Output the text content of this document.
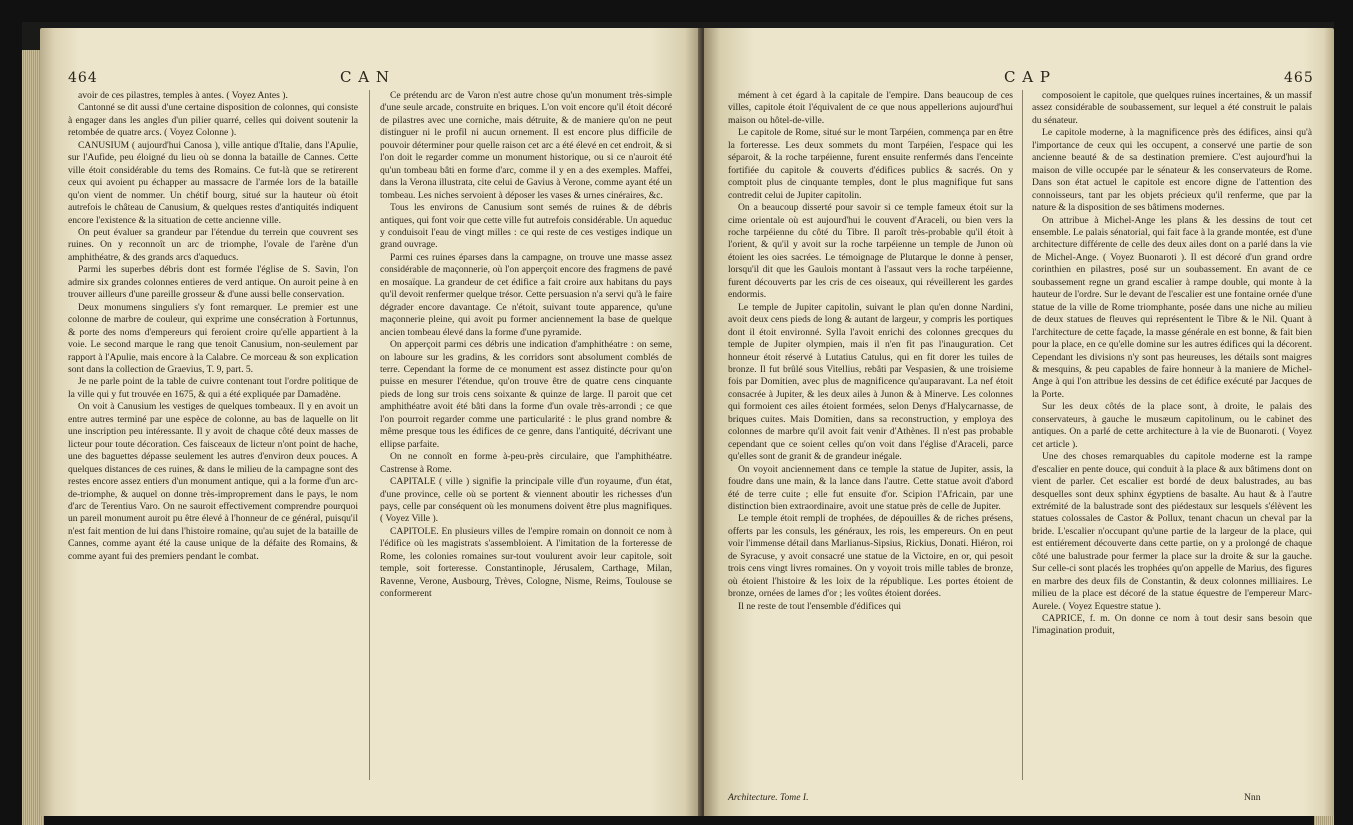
464	C A N

avoir de ces pilastres, temples à antes. ( Voyez Antes ).

Cantonné se dit aussi d'une certaine disposition de colonnes, qui consiste à engager dans les angles d'un pilier quarré, celles qui doivent soutenir la retombée de quatre arcs. ( Voyez Colonne ).

CANUSIUM ( aujourd'hui Canosa ), ville antique d'Italie, dans l'Apulie, sur l'Aufide, peu éloigné du lieu où se donna la bataille de Cannes. Cette ville étoit considérable du tems des Romains. Ce fut-là que se retirerent ceux qui avoient pu échapper au massacre de l'armée lors de la bataille qu'on vient de nommer. Un chétif bourg, situé sur la hauteur où étoit autrefois le château de Canusium, & quelques restes d'antiquités indiquent encore l'existence & la situation de cette ancienne ville.

On peut évaluer sa grandeur par l'étendue du terrein que couvrent ses ruines. On y reconnoît un arc de triomphe, l'ovale de l'arène d'un amphithéatre, & des grands arcs d'aqueducs.

Parmi les superbes débris dont est formée l'église de S. Savin, l'on admire six grandes colonnes entieres de verd antique. On auroit peine à en trouver ailleurs d'une pareille grosseur & d'une aussi belle conservation.

Deux monumens singuliers s'y font remarquer. Le premier est une colonne de marbre de couleur, qui exprime une consécration à Fortunnus, & porte des noms d'empereurs qui feroient croire qu'elle appartient à la voie. Le second marque le rang que tenoit Canusium, non-seulement par rapport à l'Apulie, mais encore à la Calabre. Ce morceau & son explication sont dans la collection de Graevius, T. 9, part. 5.

Je ne parle point de la table de cuivre contenant tout l'ordre politique de la ville qui y fut trouvée en 1675, & qui a été expliquée par Damadène.

On voit à Canusium les vestiges de quelques tombeaux. Il y en avoit un entre autres terminé par une espèce de colonne, au bas de laquelle on lit une inscription peu intéressante. Il y avoit de chaque côté deux masses de licteur pour toute décoration. Ces faisceaux de licteur n'ont point de hache, une des baguettes dépasse seulement les autres d'environ deux pouces. A quelques distances de ces ruines, & dans le milieu de la campagne sont des restes encore assez entiers d'un monument antique, qui a la forme d'un arc-de-triomphe, & auquel on donne très-improprement dans le pays, le nom d'arc de Terentius Varo. On ne sauroit effectivement comprendre pourquoi un pareil monument auroit pu être élevé à l'honneur de ce général, puisqu'il n'est fait mention de lui dans l'histoire romaine, qu'au sujet de la bataille de Cannes, comme ayant été la cause unique de la défaite des Romains, & comme ayant fui des premiers pendant le combat.

Ce prétendu arc de Varon n'est autre chose qu'un monument très-simple d'une seule arcade, construite en briques. L'on voit encore qu'il étoit décoré de pilastres avec une corniche, mais détruite, & de maniere qu'on ne peut distinguer ni le profil ni aucun ornement. Il est encore plus difficile de pouvoir déterminer pour quelle raison cet arc a été élevé en cet endroit, & si l'on doit le regarder comme un monument historique, ou si ce n'auroit été qu'un tombeau bâti en forme d'arc, comme il y en a des exemples. Maffei, dans la Verona illustrata, cite celui de Gavius à Verone, comme ayant été un tombeau. Les niches servoient à déposer les vases & urnes cinéraires, &c.

Tous les environs de Canusium sont semés de ruines & de débris antiques, qui font voir que cette ville fut autrefois considérable. Un aqueduc y conduisoit l'eau de vingt milles : ce qui reste de ces vestiges indique un grand ouvrage.

Parmi ces ruines éparses dans la campagne, on trouve une masse assez considérable de maçonnerie, où l'on apperçoit encore des fragmens de pavé en mosaïque. La grandeur de cet édifice a fait croire aux habitans du pays qu'il devoit renfermer quelque trésor. Cette persuasion n'a servi qu'à le faire dégrader encore davantage. Ce n'étoit, suivant toute apparence, qu'une maçonnerie pleine, qui avoit pu former anciennement la base de quelque ancien tombeau élevé dans la forme d'une pyramide.

On apperçoit parmi ces débris une indication d'amphithéatre : on seme, on laboure sur les gradins, & les corridors sont absolument comblés de terre. Cependant la forme de ce monument est assez distincte pour qu'on puisse en mesurer l'étendue, qu'on trouve être de quatre cens cinquante pieds de long sur trois cens soixante & quinze de large. Il paroit que cet amphithéatre avoit été bâti dans la forme d'un ovale très-arrondi ; ce que l'on pourroit regarder comme une particularité : le plus grand nombre & même presque tous les édifices de ce genre, dans l'antiquité, décrivant une ellipse parfaite.

On ne connoît en forme à-peu-près circulaire, que l'amphithéatre. Castrense à Rome.

CAPITALE ( ville ) signifie la principale ville d'un royaume, d'un état, d'une province, celle où se portent & viennent aboutir les richesses d'un pays, celle par conséquent où les monumens doivent être plus magnifiques. ( Voyez Ville ).

CAPITOLE. En plusieurs villes de l'empire romain on donnoit ce nom à l'édifice où les magistrats s'assembloient. A l'imitation de la forteresse de Rome, les colonies romaines sur-tout voulurent avoir leur capitole, soit temple, soit forteresse. Constantinople, Jérusalem, Carthage, Milan, Ravenne, Verone, Ausbourg, Trèves, Cologne, Nisme, Reims, Toulouse se conformerent

C A P	465

mément à cet égard à la capitale de l'empire. Dans beaucoup de ces villes, capitole étoit l'équivalent de ce que nous appellerions aujourd'hui maison ou hôtel-de-ville.

Le capitole de Rome, situé sur le mont Tarpéien, commença par en être la forteresse. Les deux sommets du mont Tarpéien, l'espace qui les séparoit, & la roche tarpéienne, furent ensuite renfermés dans l'enceinte fortifiée du capitole & couverts d'édifices publics & sacrés. On y comptoit plus de cinquante temples, dont le plus magnifique fut sans contredit celui de Jupiter capitolin.

On a beaucoup disserté pour savoir si ce temple fameux étoit sur la cime orientale où est aujourd'hui le couvent d'Araceli, ou bien vers la roche tarpéienne du côté du Tibre. Il paroît très-probable qu'il étoit à l'orient, & qu'il y avoit sur la roche tarpéienne un temple de Junon où étoient les oies sacrées. Le témoignage de Plutarque le donne à penser, lorsqu'il dit que les Gaulois montant à l'assaut vers la roche tarpéienne, furent découverts par les cris de ces oiseaux, qui réveillerent les gardes endormis.

Le temple de Jupiter capitolin, suivant le plan qu'en donne Nardini, avoit deux cens pieds de long & autant de largeur, y compris les portiques dont il étoit environné. Sylla l'avoit enrichi des colonnes grecques du temple de Jupiter olympien, mais il n'en fit pas l'inauguration. Cet honneur étoit réservé à Lutatius Catulus, qui en fit dorer les tuiles de bronze. Il fut brûlé sous Vitellius, rebâti par Vespasien, & une troisieme fois par Domitien, avec plus de magnificence qu'auparavant. La nef étoit consacrée à Jupiter, & les deux ailes à Junon & à Minerve. Les colonnes qui formoient ces ailes étoient formées, selon Denys d'Halycarnasse, de briques cuites. Mais Domitien, dans sa reconstruction, y employa des colonnes de marbre qu'il avoit fait venir d'Athènes. Il n'est pas probable cependant que ce soient celles qu'on voit dans l'église d'Araceli, parce qu'elles sont de granit & de grandeur inégale.

On voyoit anciennement dans ce temple la statue de Jupiter, assis, la foudre dans une main, & la lance dans l'autre. Cette statue avoit d'abord été de terre cuite ; elle fut ensuite d'or. Scipion l'Africain, par une distinction bien extraordinaire, avoit une statue près de celle de Jupiter.

Le temple étoit rempli de trophées, de dépouilles & de riches présens, offerts par les consuls, les généraux, les rois, les empereurs. On en peut voir l'immense détail dans Marlianus-Sipsius, Rickius, Donati. Hiéron, roi de Syracuse, y avoit consacré une statue de la Victoire, en or, qui pesoit trois cens vingt livres romaines. On y voyoit trois mille tables de bronze, où étoient l'histoire & les loix de la république. Les portes étoient de bronze, ornées de lames d'or ; les voûtes étoient dorées.

Il ne reste de tout l'ensemble d'édifices qui

composoient le capitole, que quelques ruines incertaines, & un massif assez considérable de soubassement, sur lequel a été construit le palais du sénateur.

Le capitole moderne, à la magnificence près des édifices, ainsi qu'à l'importance de ceux qui les occupent, a conservé une partie de son ancienne beauté & de sa destination premiere. C'est aujourd'hui la maison de ville occupée par le sénateur & les conservateurs de Rome. Dans son état actuel le capitole est encore digne de l'attention des connoisseurs, tant par les objets précieux qu'il renferme, que par la nature & la disposition de ses bâtimens modernes.

On attribue à Michel-Ange les plans & les dessins de tout cet ensemble. Le palais sénatorial, qui fait face à la grande montée, est d'une architecture différente de celle des deux ailes dont on a parlé dans la vie de Michel-Ange. ( Voyez Buonaroti ). Il est décoré d'un grand ordre corinthien en pilastres, posé sur un soubassement. En avant de ce soubassement regne un grand escalier à rampe double, qui monte à la hauteur de l'ordre. Sur le devant de l'escalier est une fontaine ornée d'une statue de la ville de Rome triomphante, posée dans une niche au milieu de deux statues de fleuves qui représentent le Tibre & le Nil. Quant à l'architecture de cette façade, la masse générale en est bonne, & fait bien pour la place, en ce qu'elle domine sur les autres édifices qui la décorent. Cependant les divisions n'y sont pas heureuses, les détails sont maigres & mesquins, & peu capables de faire honneur à la maniere de Michel-Ange à qui l'on attribue les dessins de cet édifice exécuté par Jacques de la Porte.

Sur les deux côtés de la place sont, à droite, le palais des conservateurs, à gauche le musæum capitolinum, ou le cabinet des antiques. On a parlé de cette architecture à la vie de Buonaroti. ( Voyez cet article ).

Une des choses remarquables du capitole moderne est la rampe d'escalier en pente douce, qui conduit à la place & aux bâtimens dont on vient de parler. Cet escalier est bordé de deux balustrades, au bas desquelles sont deux sphinx égyptiens de basalte. Au haut & à l'autre extrémité de la balustrade sont des piédestaux sur lesquels s'élèvent les statues colossales de Castor & Pollux, tenant chacun un cheval par la bride. L'escalier n'occupant qu'une partie de la largeur de la place, qui est entiérement découverte dans cette partie, on y a prolongé de chaque côté une balustrade pour fermer la place sur la droite & sur la gauche. Sur celle-ci sont placés les trophées qu'on appelle de Marius, des figures en marbre des deux fils de Constantin, & deux colonnes milliaires. Le milieu de la place est décoré de la statue équestre de l'empereur Marc-Aurele. ( Voyez Equestre statue ).

CAPRICE, f. m. On donne ce nom à tout desir sans besoin que l'imagination produit,

Architecture. Tome I.	Nnn
